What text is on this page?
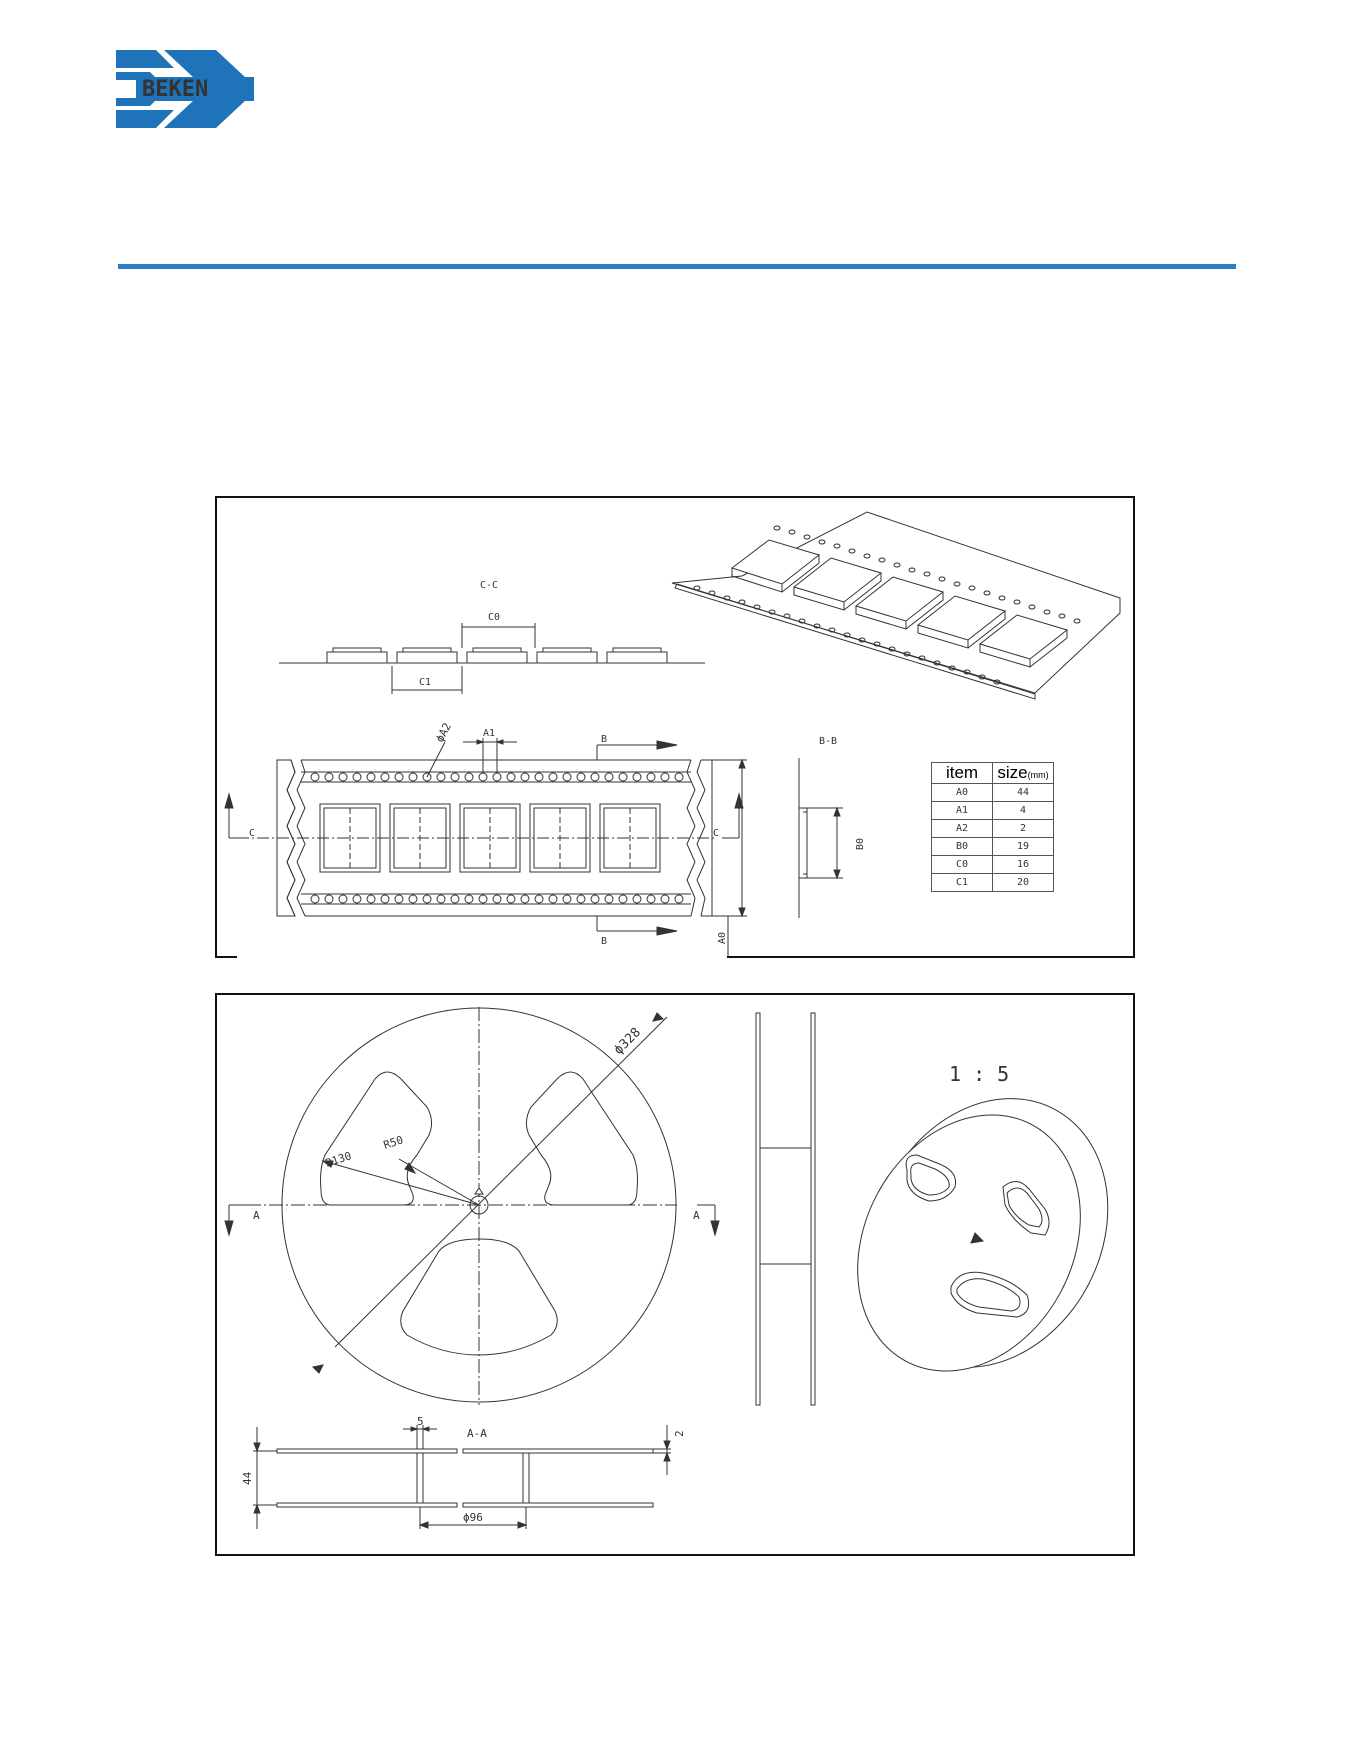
BEKEN
C-C
C0
C1
A1
ϕA2	B
B
C	C
A0
B-B
B0
item	size(mm)
A0	44
A1	4
A2	2
B0	19
C0	16
C1	20
ϕ328
R130
R50
A	A
1 : 5
A-A
5
2
44
ϕ96
